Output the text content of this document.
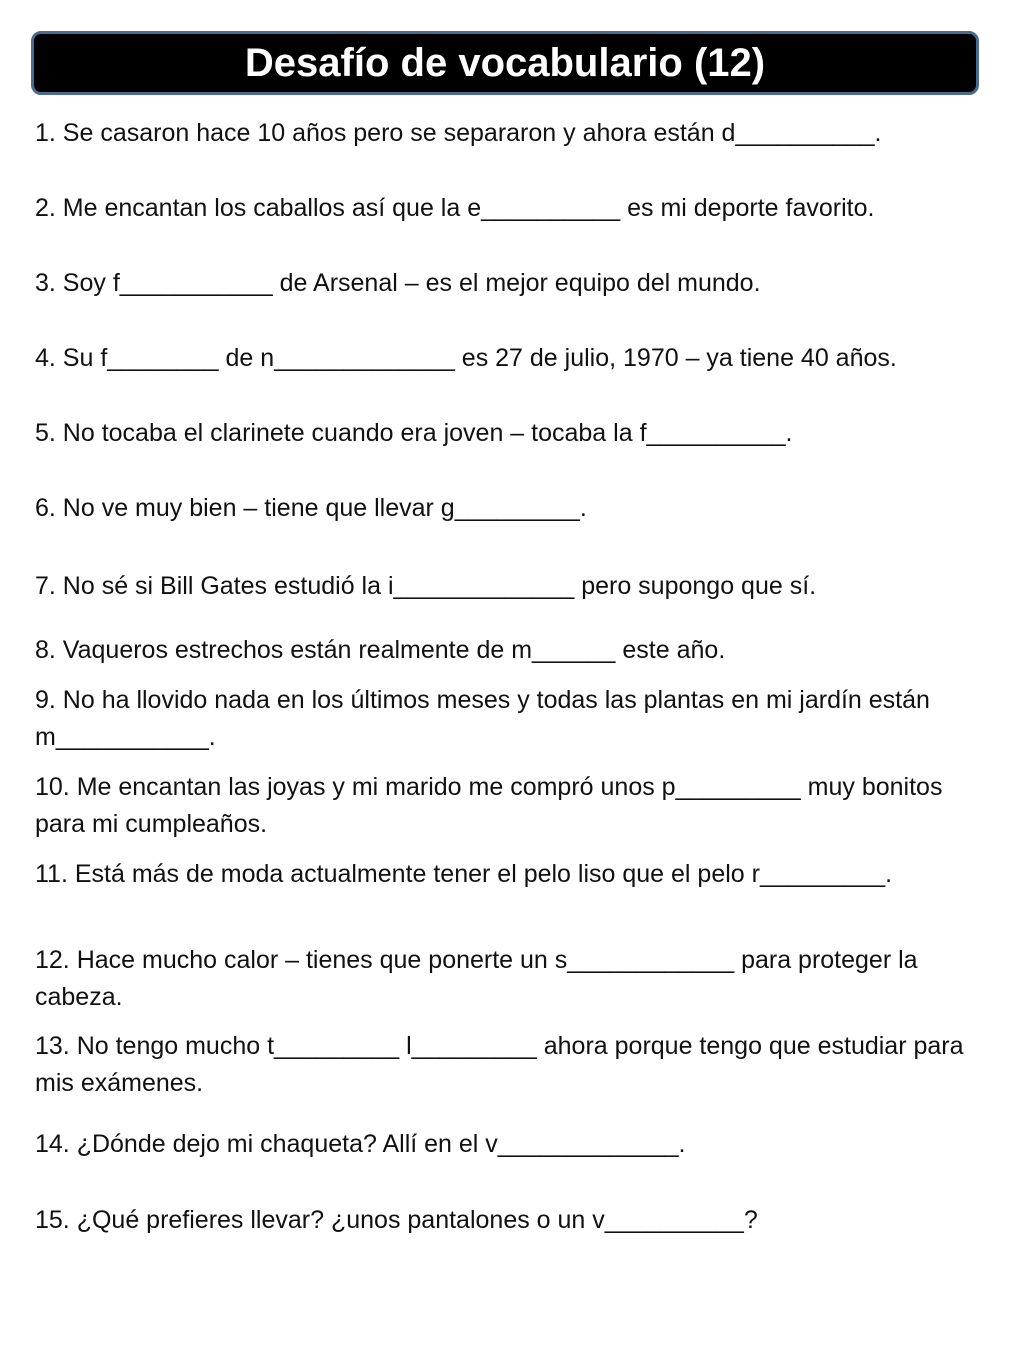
Desafío de vocabulario (12)
1. Se casaron hace 10 años pero se separaron y ahora están d__________.
2. Me encantan los caballos así que la e__________ es mi deporte favorito.
3. Soy f___________ de Arsenal – es el mejor equipo del mundo.
4. Su f________ de n_____________ es 27 de julio, 1970 – ya tiene 40 años.
5. No tocaba el clarinete cuando era joven – tocaba la f__________.
6. No ve muy bien – tiene que llevar g_________.
7. No sé si Bill Gates estudió la i_____________ pero supongo que sí.
8. Vaqueros estrechos están realmente de m______ este año.
9. No ha llovido nada en los últimos meses y todas las plantas en mi jardín están m___________.
10. Me encantan las joyas y mi marido me compró unos p_________ muy bonitos para mi cumpleaños.
11. Está más de moda actualmente tener el pelo liso que el pelo r_________.
12. Hace mucho calor – tienes que ponerte un s____________ para proteger la cabeza.
13. No tengo mucho t_________ l_________ ahora porque tengo que estudiar para mis exámenes.
14. ¿Dónde dejo mi chaqueta? Allí en el v_____________.
15. ¿Qué prefieres llevar? ¿unos pantalones o un v__________?
